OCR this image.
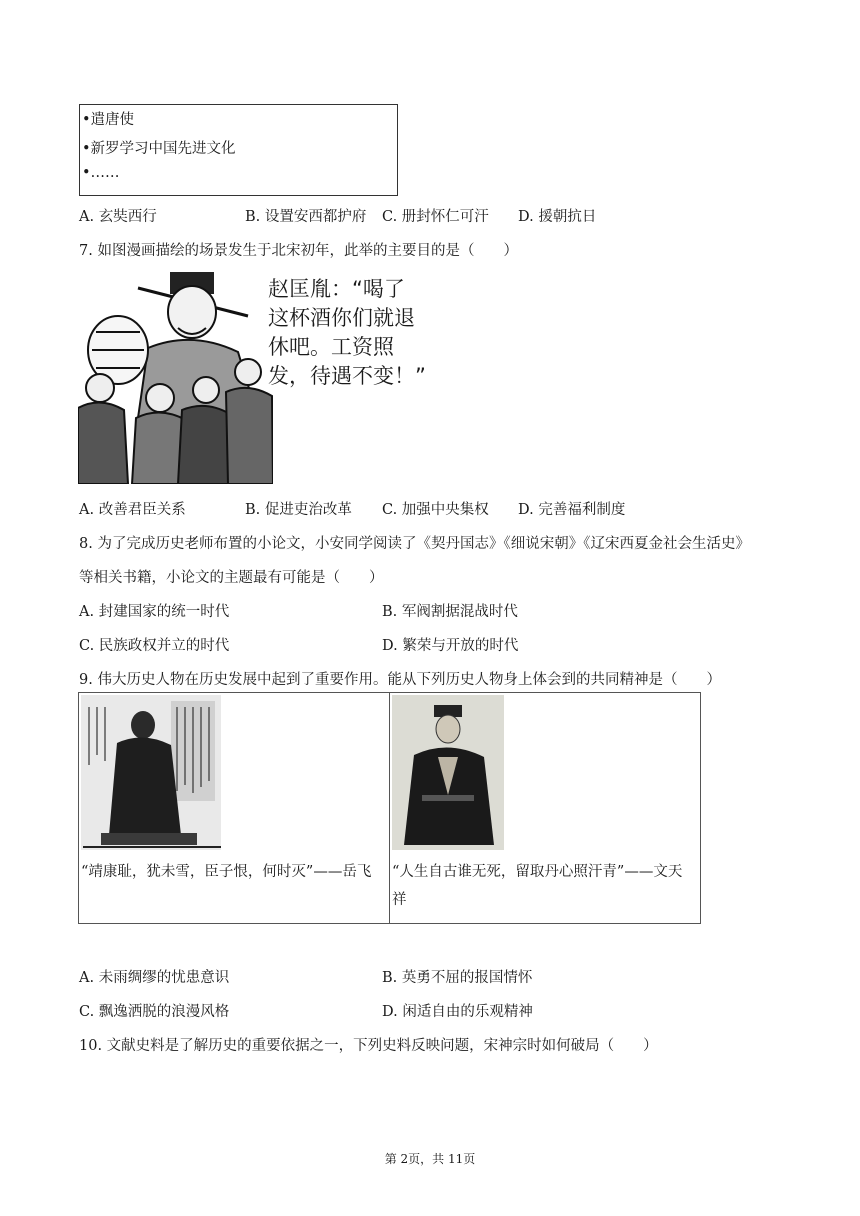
•遣唐使
•新罗学习中国先进文化
•……
A. 玄奘西行	B. 设置安西都护府 C. 册封怀仁可汗 D. 援朝抗日
7. 如图漫画描绘的场景发生于北宋初年，此举的主要目的是（　　）
赵匡胤：“喝了
这杯酒你们就退
休吧。工资照
发，待遇不变！”
A. 改善君臣关系	B. 促进吏治改革 C. 加强中央集权 D. 完善福利制度
8. 为了完成历史老师布置的小论文，小安同学阅读了《契丹国志》《细说宋朝》《辽宋西夏金社会生活史》
等相关书籍，小论文的主题最有可能是（　　）
A. 封建国家的统一时代	B. 军阀割据混战时代
C. 民族政权并立的时代	D. 繁荣与开放的时代
9. 伟大历史人物在历史发展中起到了重要作用。能从下列历史人物身上体会到的共同精神是（　　）
“靖康耻，犹未雪，臣子恨，何时灭”——岳飞	“人生自古谁无死，留取丹心照汗青”——文天祥
A. 未雨绸缪的忧患意识	B. 英勇不屈的报国情怀
C. 飘逸洒脱的浪漫风格	D. 闲适自由的乐观精神
10. 文献史料是了解历史的重要依据之一，下列史料反映问题，宋神宗时如何破局（　　）
第 2页，共 11页
